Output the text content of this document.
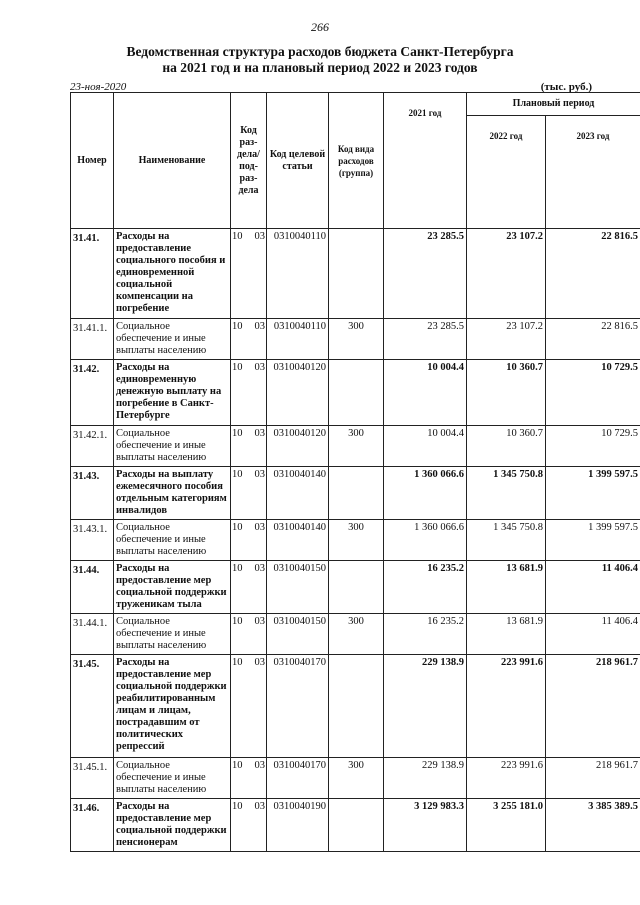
266
Ведомственная структура расходов бюджета Санкт-Петербурга
на 2021 год и на плановый период 2022 и 2023 годов
23-ноя-2020	(тыс. руб.)
Номер	Наименование	Код раз-дела/ под-раз-дела	Код целевой статьи	Код вида расходов (группа)	2021 год	Плановый период	
						2022 год	2023 год
31.41.	Расходы на предоставление социального пособия и единовременной социальной компенсации на погребение	10 03	0310040110		23 285.5	23 107.2	22 816.5
31.41.1.	Социальное обеспечение и иные выплаты населению	10 03	0310040110	300	23 285.5	23 107.2	22 816.5
31.42.	Расходы на единовременную денежную выплату на погребение в Санкт-Петербурге	10 03	0310040120		10 004.4	10 360.7	10 729.5
31.42.1.	Социальное обеспечение и иные выплаты населению	10 03	0310040120	300	10 004.4	10 360.7	10 729.5
31.43.	Расходы на выплату ежемесячного пособия отдельным категориям инвалидов	10 03	0310040140		1 360 066.6	1 345 750.8	1 399 597.5
31.43.1.	Социальное обеспечение и иные выплаты населению	10 03	0310040140	300	1 360 066.6	1 345 750.8	1 399 597.5
31.44.	Расходы на предоставление мер социальной поддержки труженикам тыла	10 03	0310040150		16 235.2	13 681.9	11 406.4
31.44.1.	Социальное обеспечение и иные выплаты населению	10 03	0310040150	300	16 235.2	13 681.9	11 406.4
31.45.	Расходы на предоставление мер социальной поддержки реабилитированным лицам и лицам, пострадавшим от политических репрессий	10 03	0310040170		229 138.9	223 991.6	218 961.7
31.45.1.	Социальное обеспечение и иные выплаты населению	10 03	0310040170	300	229 138.9	223 991.6	218 961.7
31.46.	Расходы на предоставление мер социальной поддержки пенсионерам	10 03	0310040190		3 129 983.3	3 255 181.0	3 385 389.5
